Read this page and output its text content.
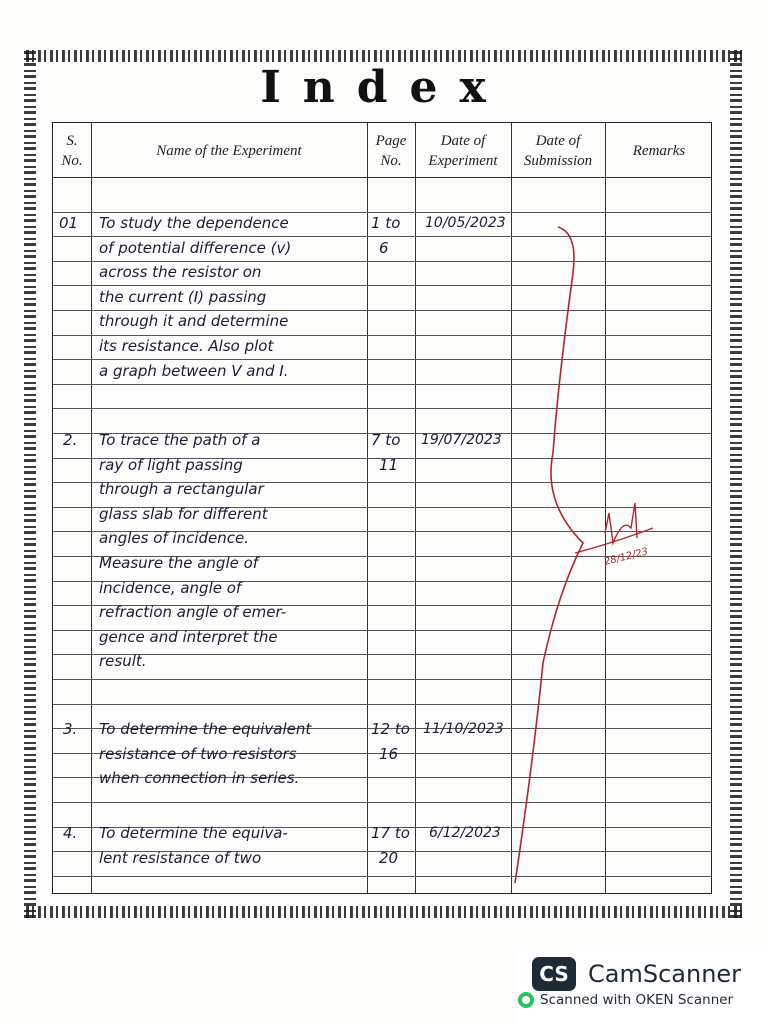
Index
S.
No.
Name of the Experiment
Page
No.
Date of
Experiment
Date of
Submission
Remarks
01 To study the dependence
of potential difference (v)
across the resistor on
the current (I) passing
through it and determine
its resistance. Also plot
a graph between V and I.
1 to
6
10/05/2023
2. To trace the path of a
ray of light passing
through a rectangular
glass slab for different
angles of incidence.
Measure the angle of
incidence, angle of
refraction angle of emer-
gence and interpret the
result.
7 to
11
19/07/2023
3. To determine the equivalent
resistance of two resistors
when connection in series.
12 to
16
11/10/2023
4. To determine the equiva-
lent resistance of two
17 to
20
6/12/2023
28/12/23
CS CamScanner
Scanned with OKEN Scanner
